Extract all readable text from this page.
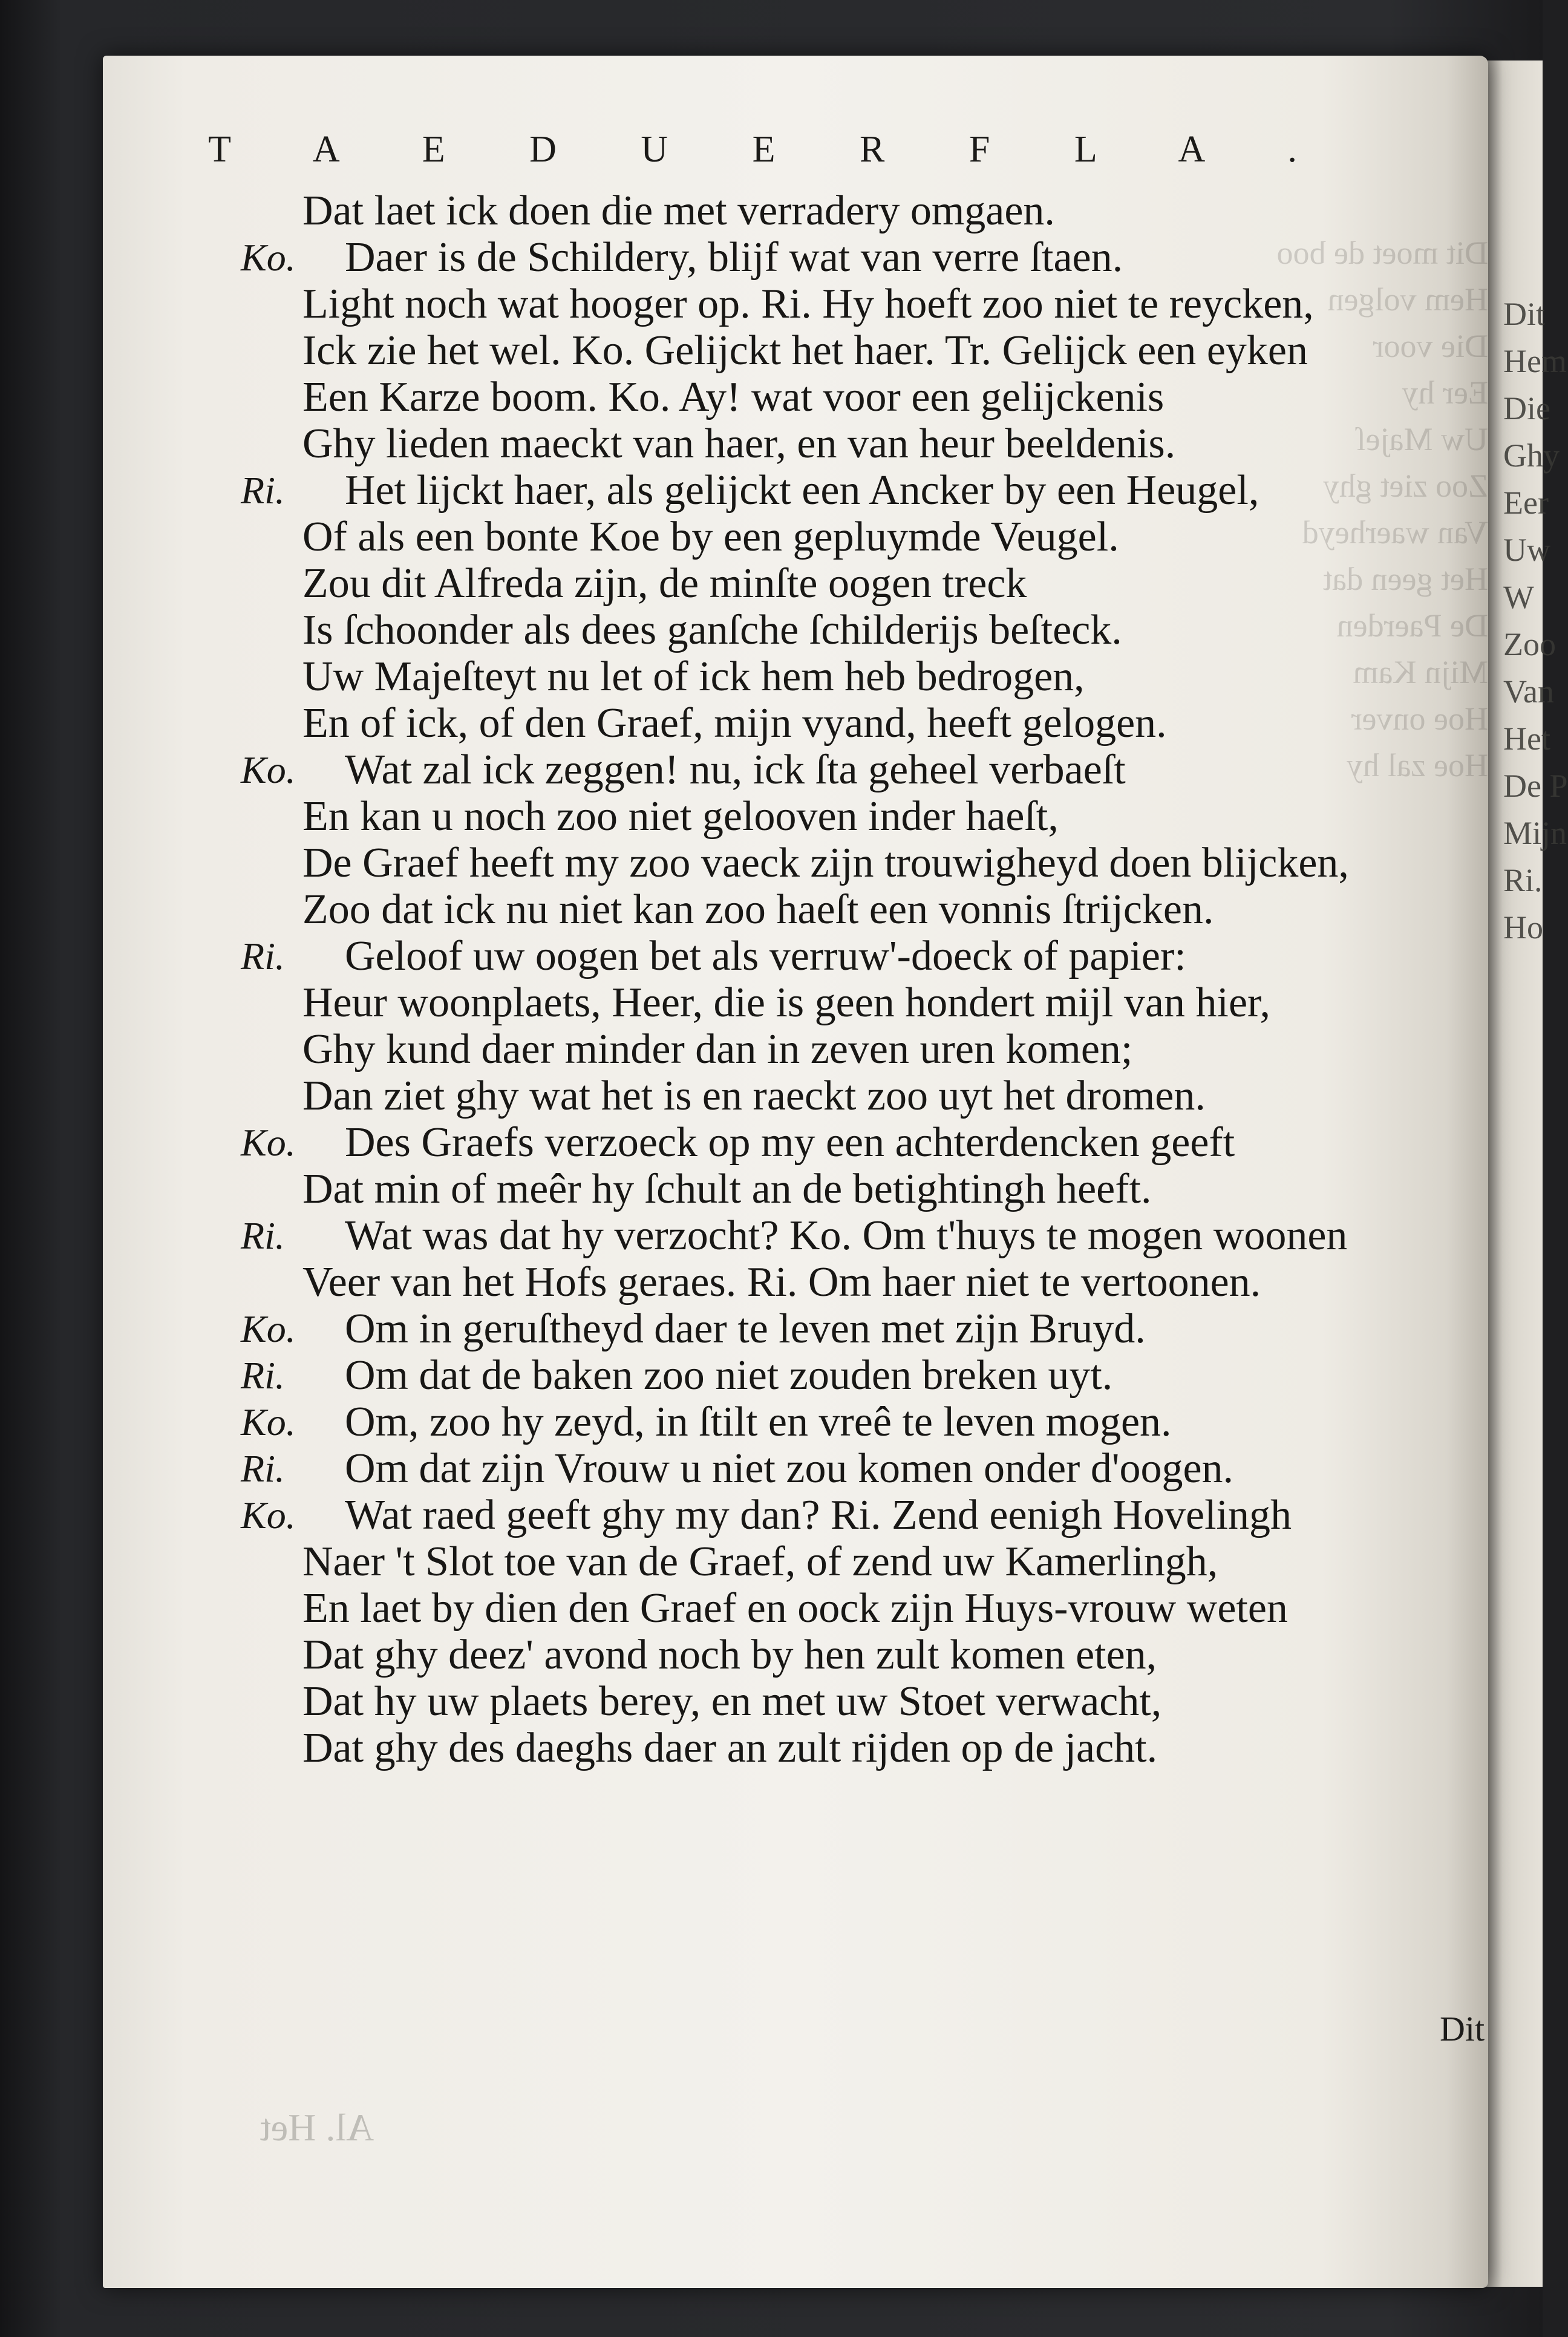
Dit
Hem
Die
Ghy
Eer
Uw
W
Zoo
Van
Het
De P
Mijn
Ri.
Ho
Dit moet de boo
Hem volgen
Die voor
Eer hy
Uw Majeſ
Zoo ziet ghy
Van waerheyd
Het geen dat
De Paerden
Mijn Kam
Hoe onver
Hoe zal hy
T A E D U E R F L A .
Dat laet ick doen die met verradery omgaen.
Ko. Daer is de Schildery, blijf wat van verre ſtaen.
Light noch wat hooger op. Ri. Hy hoeft zoo niet te reycken,
Ick zie het wel. Ko. Gelijckt het haer. Tr. Gelijck een eyken
Een Karze boom. Ko. Ay! wat voor een gelijckenis
Ghy lieden maeckt van haer, en van heur beeldenis.
Ri. Het lijckt haer, als gelijckt een Ancker by een Heugel,
Of als een bonte Koe by een gepluymde Veugel.
Zou dit Alfreda zijn, de minſte oogen treck
Is ſchoonder als dees ganſche ſchilderijs beſteck.
Uw Majeſteyt nu let of ick hem heb bedrogen,
En of ick, of den Graef, mijn vyand, heeft gelogen.
Ko. Wat zal ick zeggen! nu, ick ſta geheel verbaeſt
En kan u noch zoo niet gelooven inder haeſt,
De Graef heeft my zoo vaeck zijn trouwigheyd doen blijcken,
Zoo dat ick nu niet kan zoo haeſt een vonnis ſtrijcken.
Ri. Geloof uw oogen bet als verruw'-doeck of papier:
Heur woonplaets, Heer, die is geen hondert mijl van hier,
Ghy kund daer minder dan in zeven uren komen;
Dan ziet ghy wat het is en raeckt zoo uyt het dromen.
Ko. Des Graefs verzoeck op my een achterdencken geeft
Dat min of meêr hy ſchult an de betightingh heeft.
Ri. Wat was dat hy verzocht? Ko. Om t'huys te mogen woonen
Veer van het Hofs geraes. Ri. Om haer niet te vertoonen.
Ko. Om in geruſtheyd daer te leven met zijn Bruyd.
Ri. Om dat de baken zoo niet zouden breken uyt.
Ko. Om, zoo hy zeyd, in ſtilt en vreê te leven mogen.
Ri. Om dat zijn Vrouw u niet zou komen onder d'oogen.
Ko. Wat raed geeft ghy my dan? Ri. Zend eenigh Hovelingh
Naer 't Slot toe van de Graef, of zend uw Kamerlingh,
En laet by dien den Graef en oock zijn Huys-vrouw weten
Dat ghy deez' avond noch by hen zult komen eten,
Dat hy uw plaets berey, en met uw Stoet verwacht,
Dat ghy des daeghs daer an zult rijden op de jacht.
Dit
Al. Het
